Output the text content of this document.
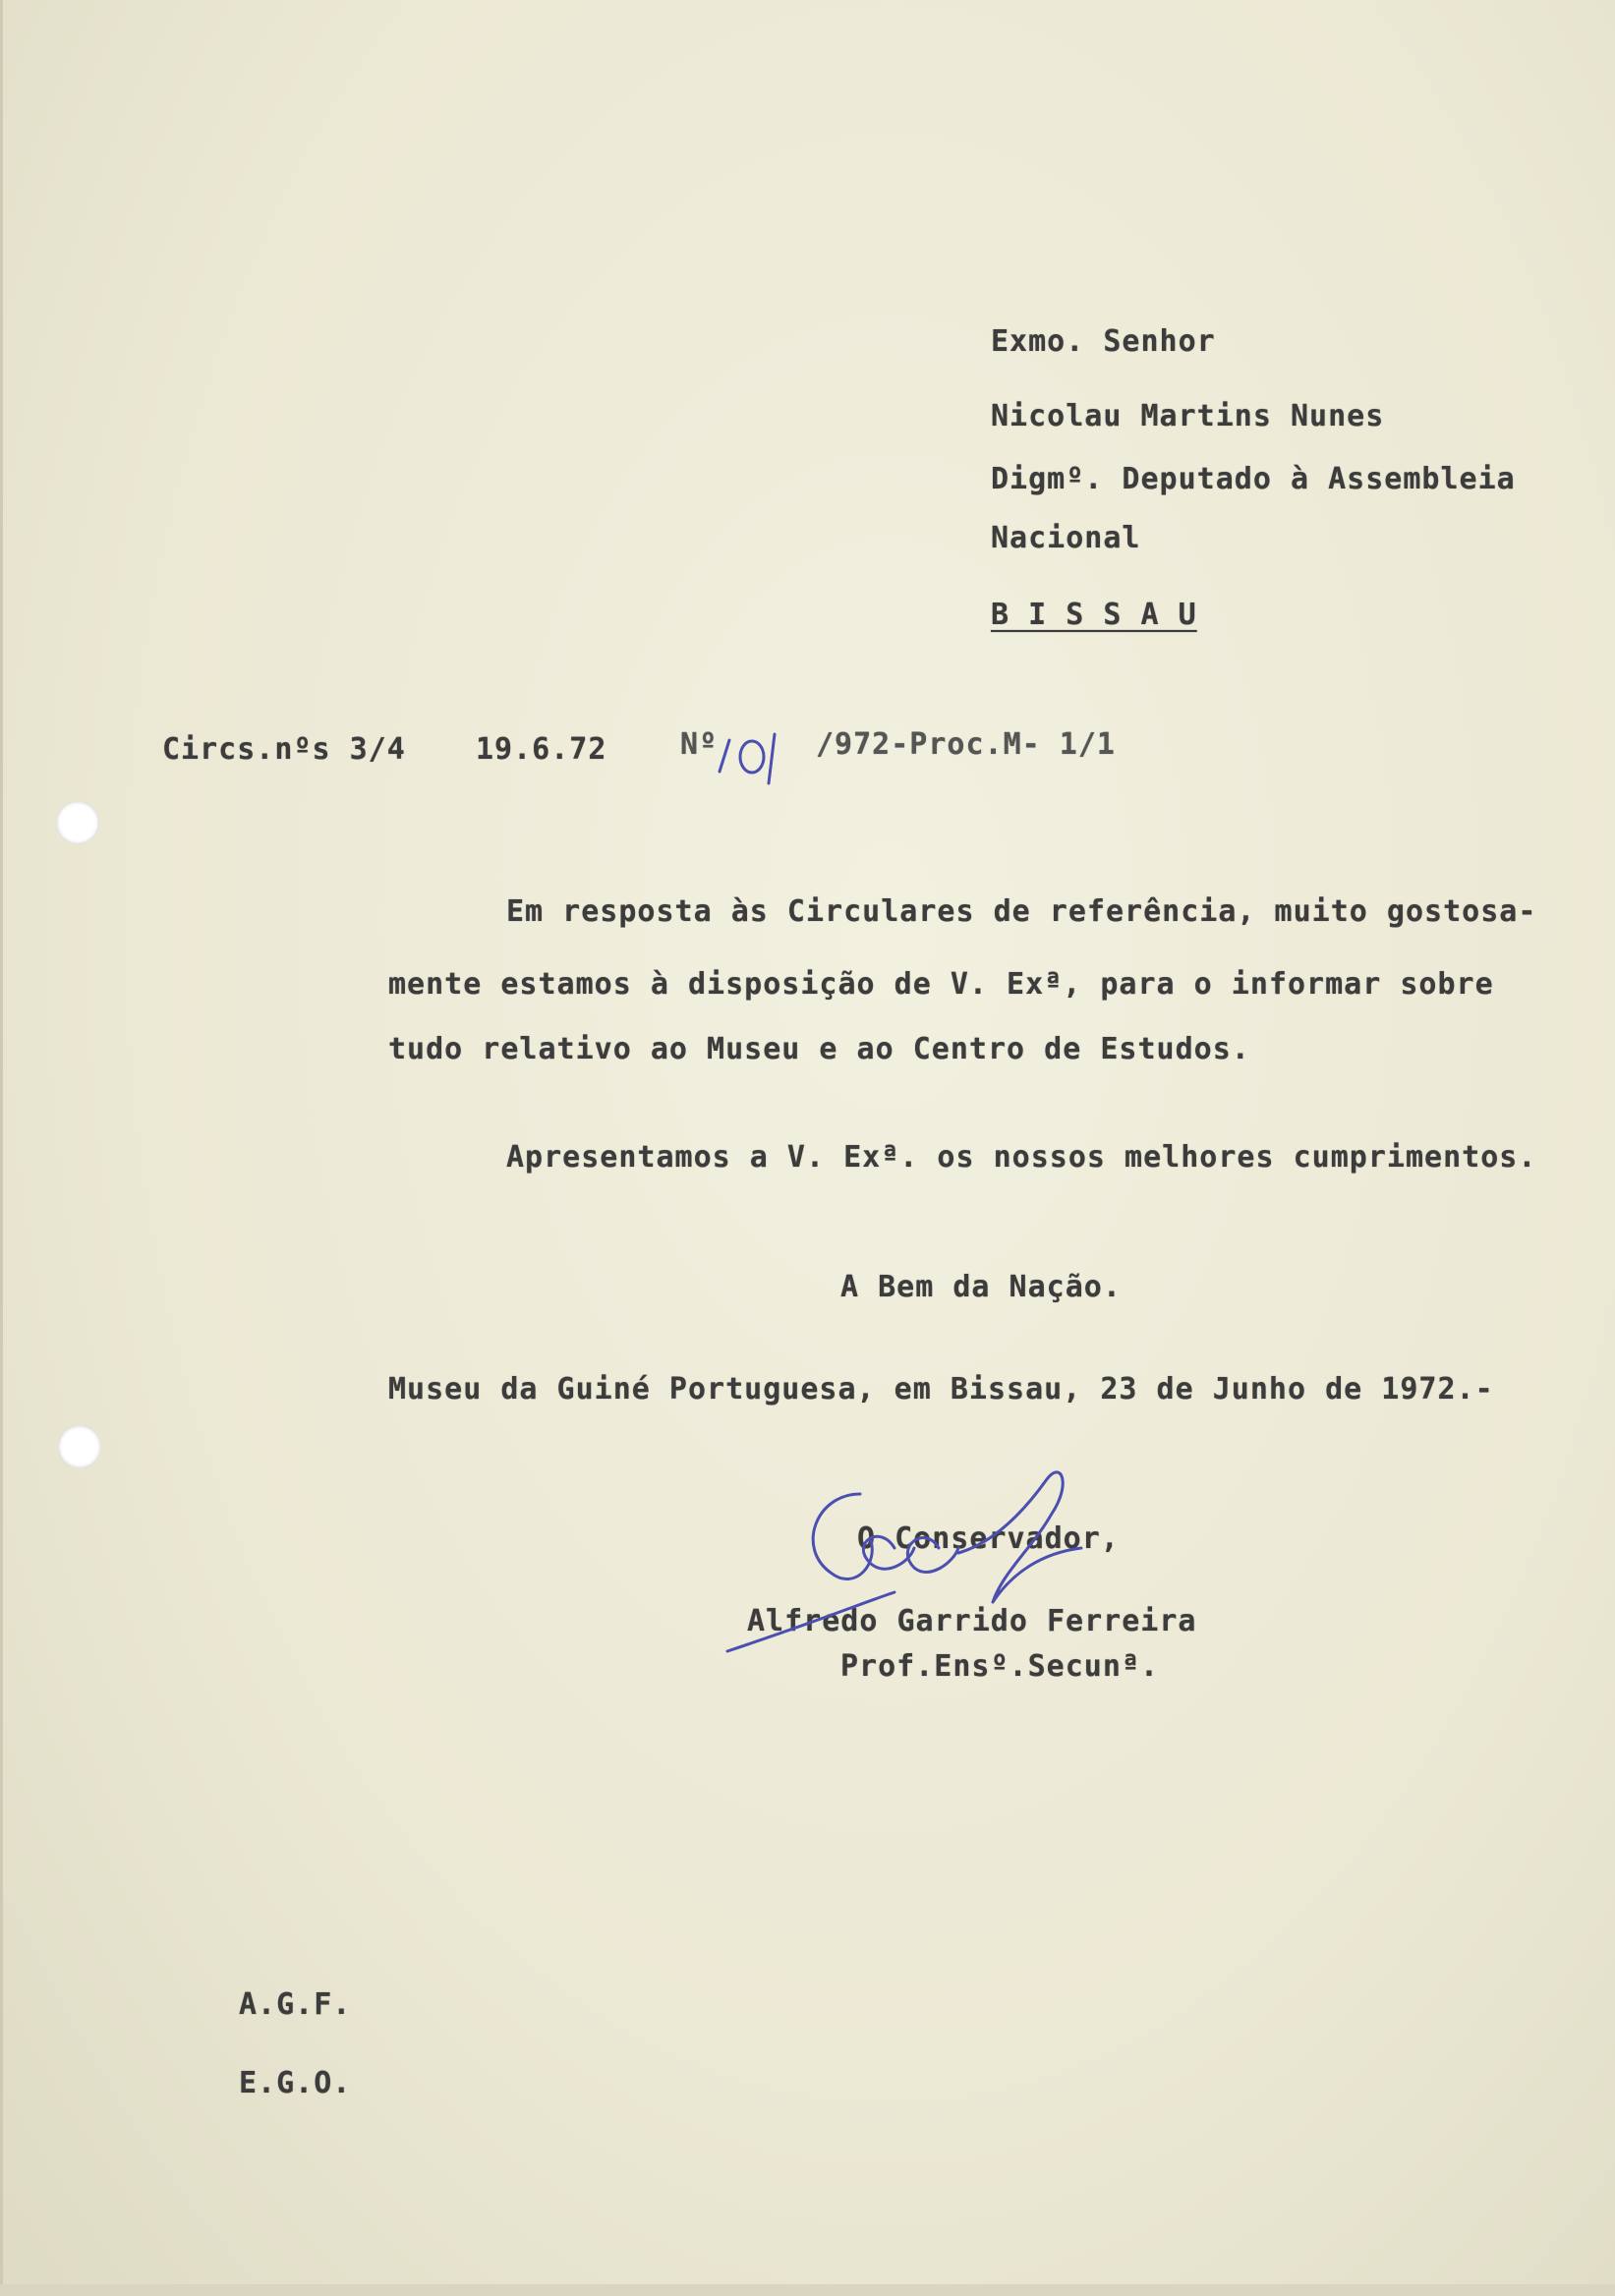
Exmo. Senhor
Nicolau Martins Nunes
Digmº. Deputado à Assembleia
Nacional
B I S S A U
Circs.nºs 3/4 19.6.72 Nº	/972-Proc.M- 1/1
Em resposta às Circulares de referência, muito gostosa-
mente estamos à disposição de V. Exª, para o informar sobre
tudo relativo ao Museu e ao Centro de Estudos.
Apresentamos a V. Exª. os nossos melhores cumprimentos.
A Bem da Nação.
Museu da Guiné Portuguesa, em Bissau, 23 de Junho de 1972.-
O Conservador,
Alfredo Garrido Ferreira
Prof.Ensº.Secunª.
A.G.F.
E.G.O.
